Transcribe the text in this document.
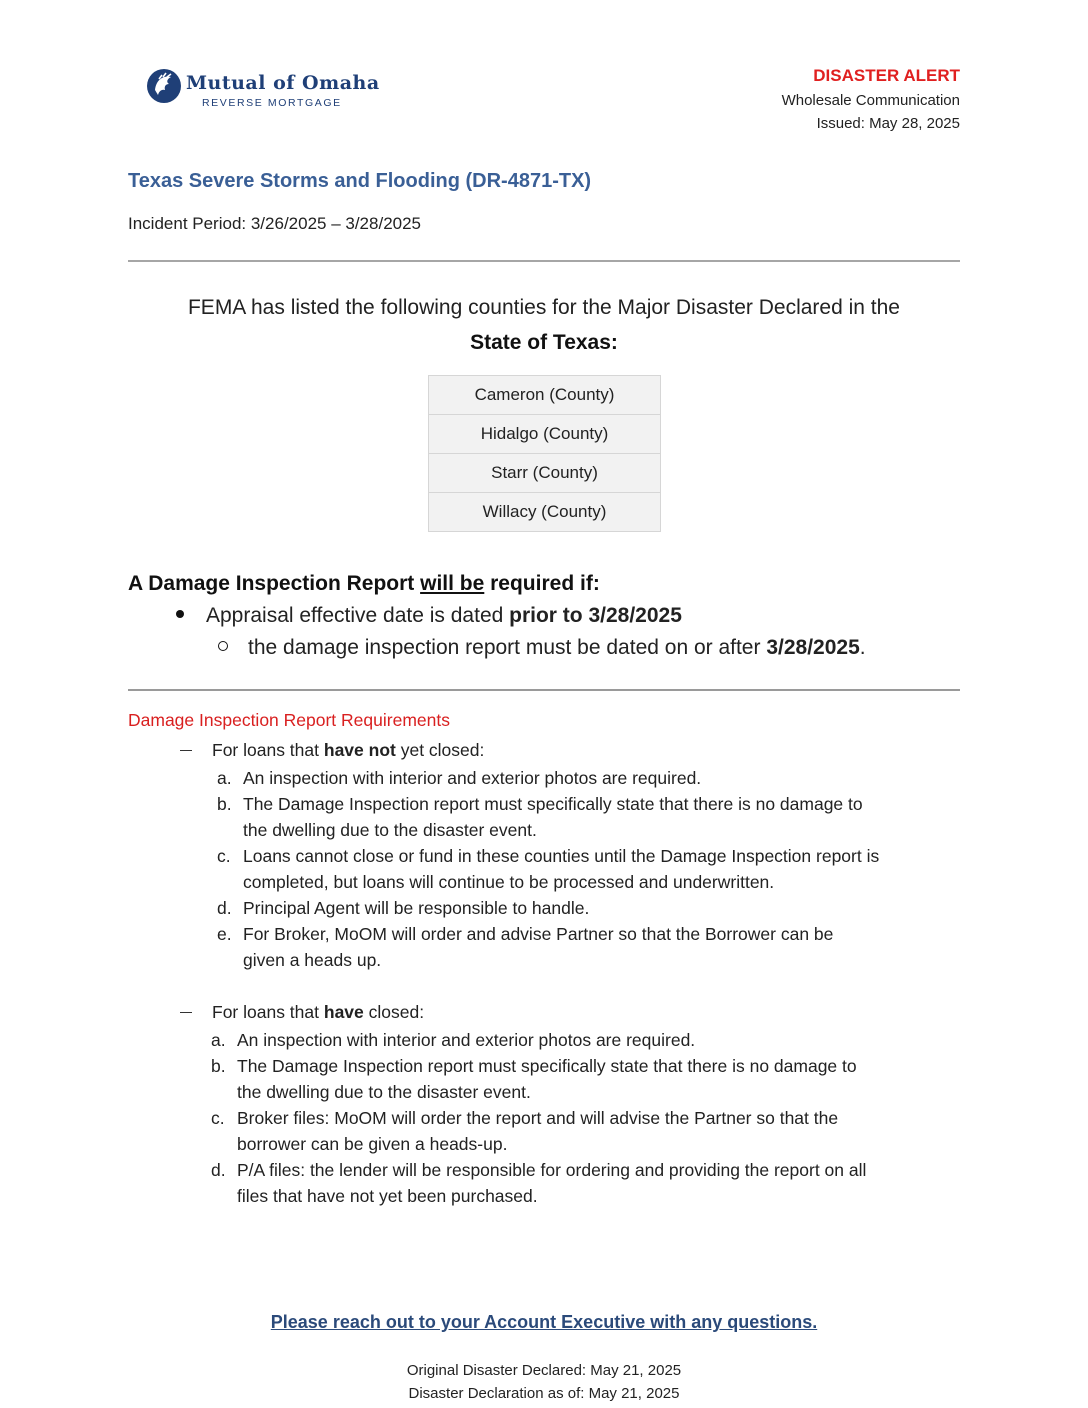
Mutual of Omaha
REVERSE MORTGAGE
DISASTER ALERT
Wholesale Communication
Issued: May 28, 2025
Texas Severe Storms and Flooding (DR-4871-TX)
Incident Period: 3/26/2025 – 3/28/2025
FEMA has listed the following counties for the Major Disaster Declared in the
State of Texas:
Cameron (County)
Hidalgo (County)
Starr (County)
Willacy (County)
A Damage Inspection Report will be required if:
Appraisal effective date is dated prior to 3/28/2025
the damage inspection report must be dated on or after 3/28/2025.
Damage Inspection Report Requirements
For loans that have not yet closed:
a. An inspection with interior and exterior photos are required.
b. The Damage Inspection report must specifically state that there is no damage to
the dwelling due to the disaster event.
c. Loans cannot close or fund in these counties until the Damage Inspection report is
completed, but loans will continue to be processed and underwritten.
d. Principal Agent will be responsible to handle.
e. For Broker, MoOM will order and advise Partner so that the Borrower can be
given a heads up.
For loans that have closed:
a. An inspection with interior and exterior photos are required.
b. The Damage Inspection report must specifically state that there is no damage to
the dwelling due to the disaster event.
c. Broker files: MoOM will order the report and will advise the Partner so that the
borrower can be given a heads-up.
d. P/A files: the lender will be responsible for ordering and providing the report on all
files that have not yet been purchased.
Please reach out to your Account Executive with any questions.
Original Disaster Declared: May 21, 2025
Disaster Declaration as of: May 21, 2025
